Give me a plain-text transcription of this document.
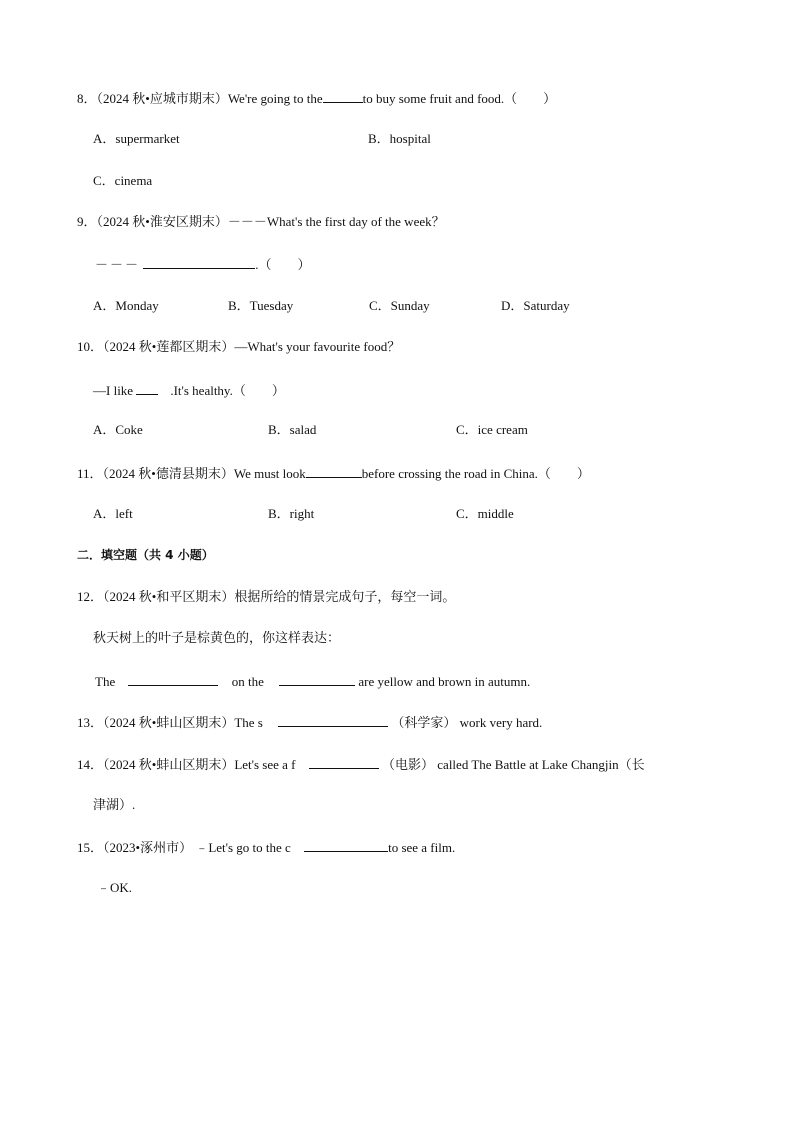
8．（2024 秋•应城市期末）We're going to the	to buy some fruit and food.（　　）
A．supermarket	B．hospital
C．cinema
9．（2024 秋•淮安区期末）－－－What's the first day of the week？
－－－	.（　　）
A．Monday	B．Tuesday	C．Sunday	D．Saturday
10．（2024 秋•莲都区期末）—What's your favourite food？
—I like	.It's healthy.（　　）
A．Coke	B．salad	C．ice cream
11．（2024 秋•德清县期末）We must look	before crossing the road in China.（　　）
A．left	B．right	C．middle
二．填空题（共 4 小题）
12．（2024 秋•和平区期末）根据所给的情景完成句子，每空一词。
秋天树上的叶子是棕黄色的，你这样表达：
The	on the	are yellow and brown in autumn.
13．（2024 秋•蚌山区期末）The s	（科学家） work very hard.
14．（2024 秋•蚌山区期末）Let's see a f	（电影） called The Battle at Lake Changjin（长
津湖）.
15．（2023•涿州市） ﹣Let's go to the c	to see a film.
﹣OK.
